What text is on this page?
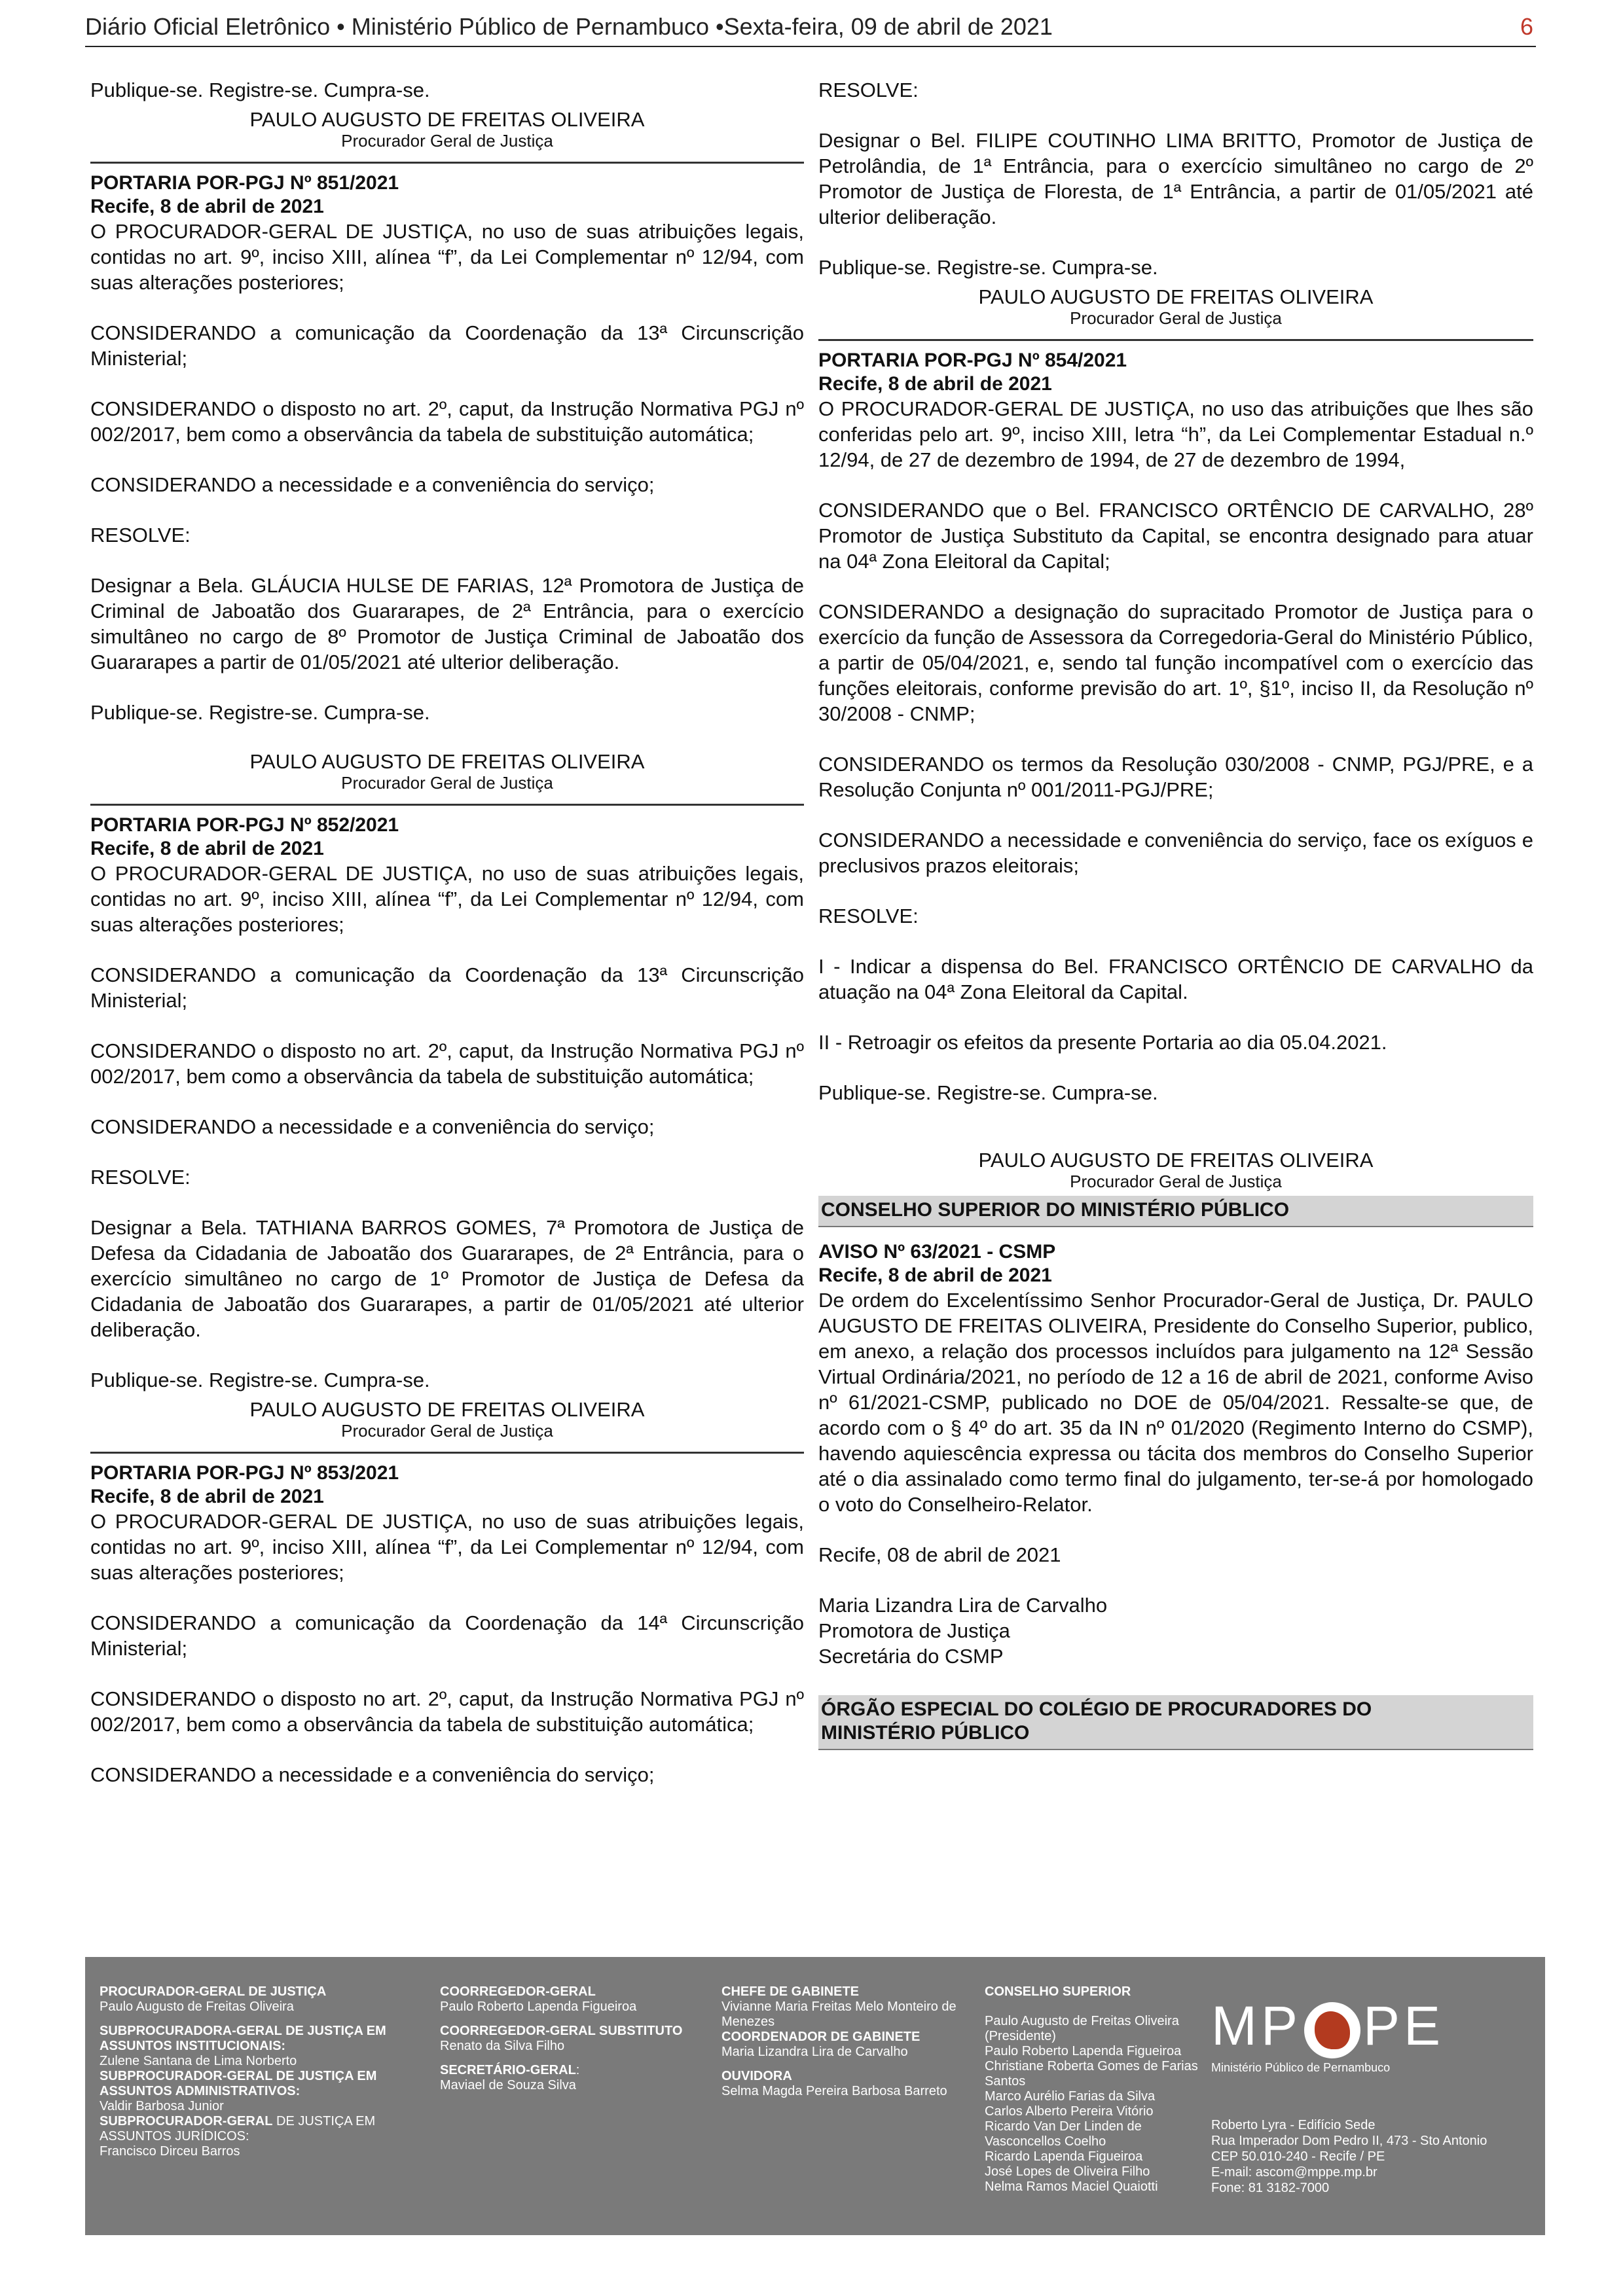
Diário Oficial Eletrônico • Ministério Público de Pernambuco •Sexta-feira, 09 de abril de 2021	6

Publique-se. Registre-se. Cumpra-se.

PAULO AUGUSTO DE FREITAS OLIVEIRA
Procurador Geral de Justiça

PORTARIA POR-PGJ Nº 851/2021

Recife, 8 de abril de 2021

O PROCURADOR-GERAL DE JUSTIÇA, no uso de suas atribuições legais, contidas no art. 9º, inciso XIII, alínea “f”, da Lei Complementar nº 12/94, com suas alterações posteriores;

CONSIDERANDO a comunicação da Coordenação da 13ª Circunscrição Ministerial;

CONSIDERANDO o disposto no art. 2º, caput, da Instrução Normativa PGJ nº 002/2017, bem como a observância da tabela de substituição automática;

CONSIDERANDO a necessidade e a conveniência do serviço;

RESOLVE:

Designar a Bela. GLÁUCIA HULSE DE FARIAS, 12ª Promotora de Justiça de Criminal de Jaboatão dos Guararapes, de 2ª Entrância, para o exercício simultâneo no cargo de 8º Promotor de Justiça Criminal de Jaboatão dos Guararapes a partir de 01/05/2021 até ulterior deliberação.

Publique-se. Registre-se. Cumpra-se.

PAULO AUGUSTO DE FREITAS OLIVEIRA
Procurador Geral de Justiça

PORTARIA POR-PGJ Nº 852/2021

Recife, 8 de abril de 2021

O PROCURADOR-GERAL DE JUSTIÇA, no uso de suas atribuições legais, contidas no art. 9º, inciso XIII, alínea “f”, da Lei Complementar nº 12/94, com suas alterações posteriores;

CONSIDERANDO a comunicação da Coordenação da 13ª Circunscrição Ministerial;

CONSIDERANDO o disposto no art. 2º, caput, da Instrução Normativa PGJ nº 002/2017, bem como a observância da tabela de substituição automática;

CONSIDERANDO a necessidade e a conveniência do serviço;

RESOLVE:

Designar a Bela. TATHIANA BARROS GOMES, 7ª Promotora de Justiça de Defesa da Cidadania de Jaboatão dos Guararapes, de 2ª Entrância, para o exercício simultâneo no cargo de 1º Promotor de Justiça de Defesa da Cidadania de Jaboatão dos Guararapes, a partir de 01/05/2021 até ulterior deliberação.

Publique-se. Registre-se. Cumpra-se.

PAULO AUGUSTO DE FREITAS OLIVEIRA
Procurador Geral de Justiça

PORTARIA POR-PGJ Nº 853/2021

Recife, 8 de abril de 2021

O PROCURADOR-GERAL DE JUSTIÇA, no uso de suas atribuições legais, contidas no art. 9º, inciso XIII, alínea “f”, da Lei Complementar nº 12/94, com suas alterações posteriores;

CONSIDERANDO a comunicação da Coordenação da 14ª Circunscrição Ministerial;

CONSIDERANDO o disposto no art. 2º, caput, da Instrução Normativa PGJ nº 002/2017, bem como a observância da tabela de substituição automática;

CONSIDERANDO a necessidade e a conveniência do serviço;

RESOLVE:

Designar o Bel. FILIPE COUTINHO LIMA BRITTO, Promotor de Justiça de Petrolândia, de 1ª Entrância, para o exercício simultâneo no cargo de 2º Promotor de Justiça de Floresta, de 1ª Entrância, a partir de 01/05/2021 até ulterior deliberação.

Publique-se. Registre-se. Cumpra-se.

PAULO AUGUSTO DE FREITAS OLIVEIRA
Procurador Geral de Justiça

PORTARIA POR-PGJ Nº 854/2021

Recife, 8 de abril de 2021

O PROCURADOR-GERAL DE JUSTIÇA, no uso das atribuições que lhes são conferidas pelo art. 9º, inciso XIII, letra “h”, da Lei Complementar Estadual n.º 12/94, de 27 de dezembro de 1994, de 27 de dezembro de 1994,

CONSIDERANDO que o Bel. FRANCISCO ORTÊNCIO DE CARVALHO, 28º Promotor de Justiça Substituto da Capital, se encontra designado para atuar na 04ª Zona Eleitoral da Capital;

CONSIDERANDO a designação do supracitado Promotor de Justiça para o exercício da função de Assessora da Corregedoria-Geral do Ministério Público, a partir de 05/04/2021, e, sendo tal função incompatível com o exercício das funções eleitorais, conforme previsão do art. 1º, §1º, inciso II, da Resolução nº 30/2008 - CNMP;

CONSIDERANDO os termos da Resolução 030/2008 - CNMP, PGJ/PRE, e a Resolução Conjunta nº 001/2011-PGJ/PRE;

CONSIDERANDO a necessidade e conveniência do serviço, face os exíguos e preclusivos prazos eleitorais;

RESOLVE:

I - Indicar a dispensa do Bel. FRANCISCO ORTÊNCIO DE CARVALHO da atuação na 04ª Zona Eleitoral da Capital.

II - Retroagir os efeitos da presente Portaria ao dia 05.04.2021.

Publique-se. Registre-se. Cumpra-se.

PAULO AUGUSTO DE FREITAS OLIVEIRA
Procurador Geral de Justiça
CONSELHO SUPERIOR DO MINISTÉRIO PÚBLICO

AVISO Nº 63/2021 - CSMP

Recife, 8 de abril de 2021

De ordem do Excelentíssimo Senhor Procurador-Geral de Justiça, Dr. PAULO AUGUSTO DE FREITAS OLIVEIRA, Presidente do Conselho Superior, publico, em anexo, a relação dos processos incluídos para julgamento na 12ª Sessão Virtual Ordinária/2021, no período de 12 a 16 de abril de 2021, conforme Aviso nº 61/2021-CSMP, publicado no DOE de 05/04/2021. Ressalte-se que, de acordo com o § 4º do art. 35 da IN nº 01/2020 (Regimento Interno do CSMP), havendo aquiescência expressa ou tácita dos membros do Conselho Superior até o dia assinalado como termo final do julgamento, ter-se-á por homologado o voto do Conselheiro-Relator.

Recife, 08 de abril de 2021

Maria Lizandra Lira de Carvalho

Promotora de Justiça

Secretária do CSMP

ÓRGÃO ESPECIAL DO COLÉGIO DE PROCURADORES DO
MINISTÉRIO PÚBLICO
PROCURADOR-GERAL DE JUSTIÇA
Paulo Augusto de Freitas Oliveira
SUBPROCURADORA-GERAL DE JUSTIÇA EM ASSUNTOS INSTITUCIONAIS:
Zulene Santana de Lima Norberto
SUBPROCURADOR-GERAL DE JUSTIÇA EM ASSUNTOS ADMINISTRATIVOS:
Valdir Barbosa Junior
SUBPROCURADOR-GERAL DE JUSTIÇA EM ASSUNTOS JURÍDICOS:
Francisco Dirceu Barros
COORREGEDOR-GERAL
Paulo Roberto Lapenda Figueiroa
COORREGEDOR-GERAL SUBSTITUTO
Renato da Silva Filho
SECRETÁRIO-GERAL:
Maviael de Souza Silva
CHEFE DE GABINETE
Vivianne Maria Freitas Melo Monteiro de Menezes
COORDENADOR DE GABINETE
Maria Lizandra Lira de Carvalho
OUVIDORA
Selma Magda Pereira Barbosa Barreto
CONSELHO SUPERIOR
Paulo Augusto de Freitas Oliveira
(Presidente)
Paulo Roberto Lapenda Figueiroa
Christiane Roberta Gomes de Farias
Santos
Marco Aurélio Farias da Silva
Carlos Alberto Pereira Vitório
Ricardo Van Der Linden de
Vasconcellos Coelho
Ricardo Lapenda Figueiroa
José Lopes de Oliveira Filho
Nelma Ramos Maciel Quaiotti
MP PE
Ministério Público de Pernambuco
Roberto Lyra - Edifício Sede
Rua Imperador Dom Pedro II, 473 - Sto Antonio
CEP 50.010-240 - Recife / PE
E-mail: ascom@mppe.mp.br
Fone: 81 3182-7000
